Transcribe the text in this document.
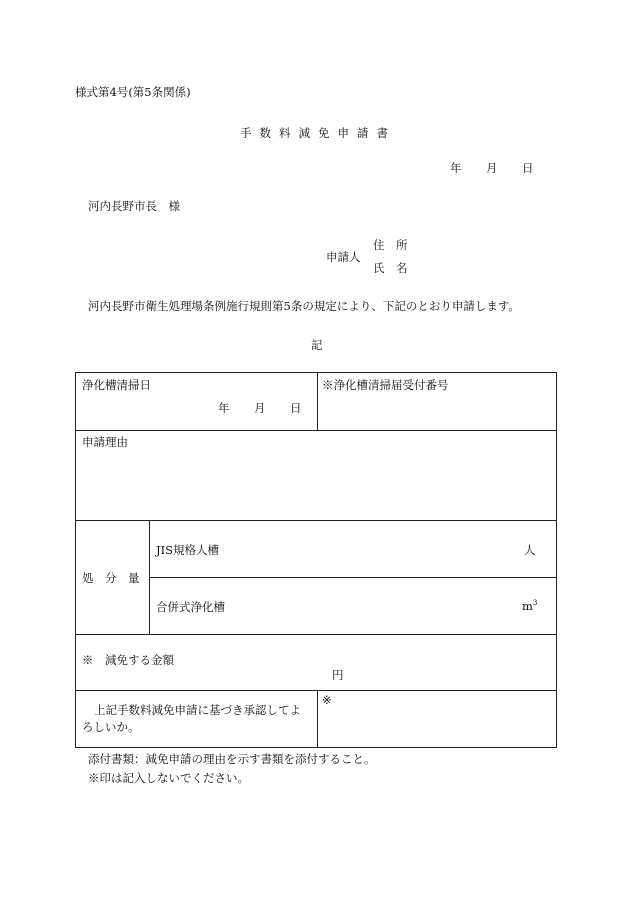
様式第4号(第5条関係)
手数料減免申請書
年 月 日
河内長野市長　様
申請人
住　所
氏　名
河内長野市衛生処理場条例施行規則第5条の規定により、下記のとおり申請します。
記
浄化槽清掃日
年 月 日
※浄化槽清掃届受付番号
申請理由
処　分　量
JIS規格人槽	人
合併式浄化槽	$m^3$
※　減免する金額
円
上記手数料減免申請に基づき承認してよ
ろしいか。
※
添付書類：減免申請の理由を示す書類を添付すること。
※印は記入しないでください。
